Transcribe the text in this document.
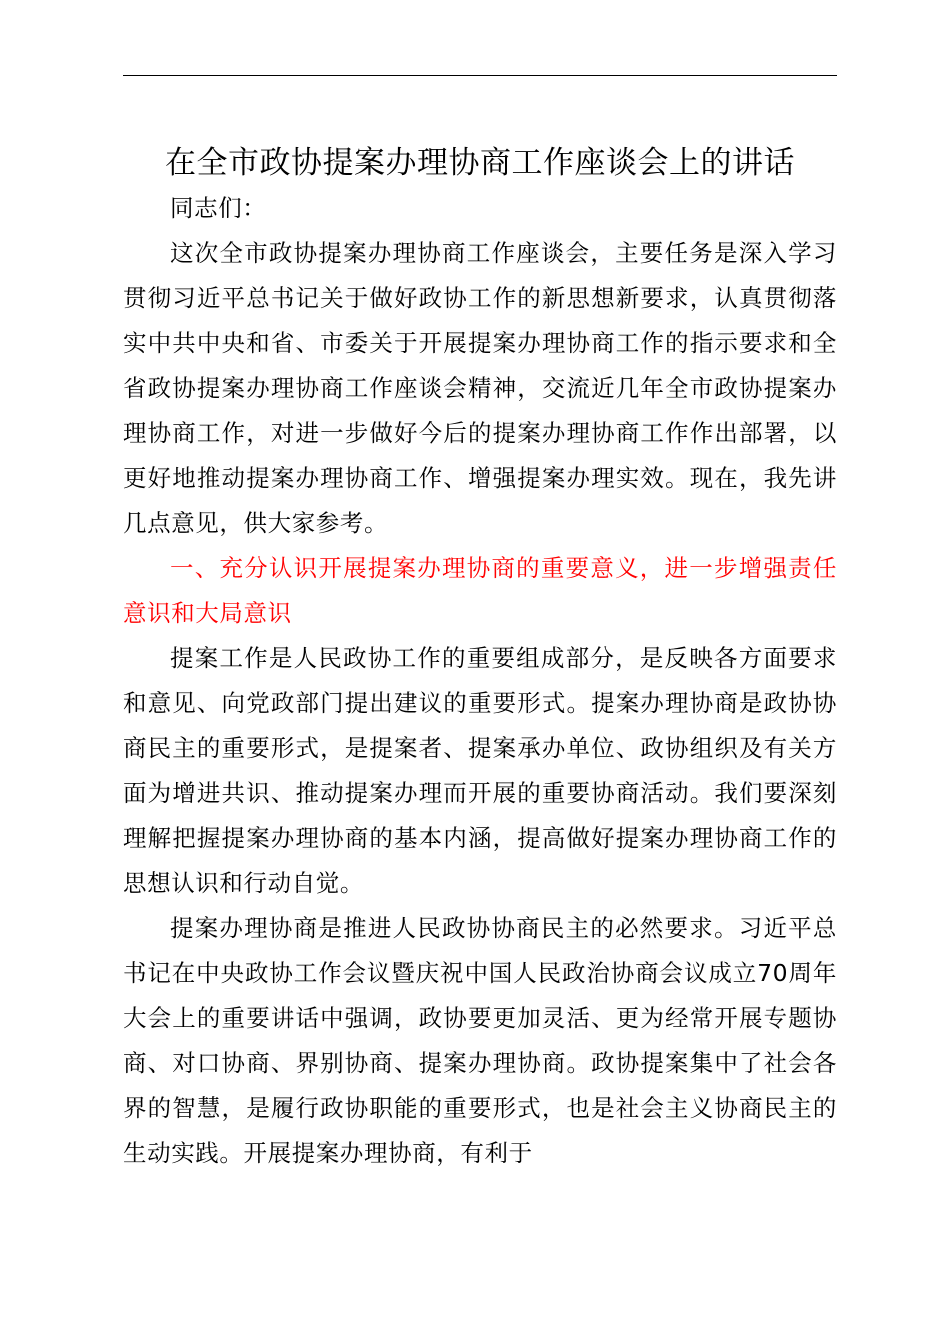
在全市政协提案办理协商工作座谈会上的讲话

同志们：

这次全市政协提案办理协商工作座谈会，主要任务是深入学习贯彻习近平总书记关于做好政协工作的新思想新要求，认真贯彻落实中共中央和省、市委关于开展提案办理协商工作的指示要求和全省政协提案办理协商工作座谈会精神，交流近几年全市政协提案办理协商工作，对进一步做好今后的提案办理协商工作作出部署，以更好地推动提案办理协商工作、增强提案办理实效。现在，我先讲几点意见，供大家参考。

一、充分认识开展提案办理协商的重要意义，进一步增强责任意识和大局意识

提案工作是人民政协工作的重要组成部分，是反映各方面要求和意见、向党政部门提出建议的重要形式。提案办理协商是政协协商民主的重要形式，是提案者、提案承办单位、政协组织及有关方面为增进共识、推动提案办理而开展的重要协商活动。我们要深刻理解把握提案办理协商的基本内涵，提高做好提案办理协商工作的思想认识和行动自觉。

提案办理协商是推进人民政协协商民主的必然要求。习近平总书记在中央政协工作会议暨庆祝中国人民政治协商会议成立70周年大会上的重要讲话中强调，政协要更加灵活、更为经常开展专题协商、对口协商、界别协商、提案办理协商。政协提案集中了社会各界的智慧，是履行政协职能的重要形式，也是社会主义协商民主的生动实践。开展提案办理协商，有利于
